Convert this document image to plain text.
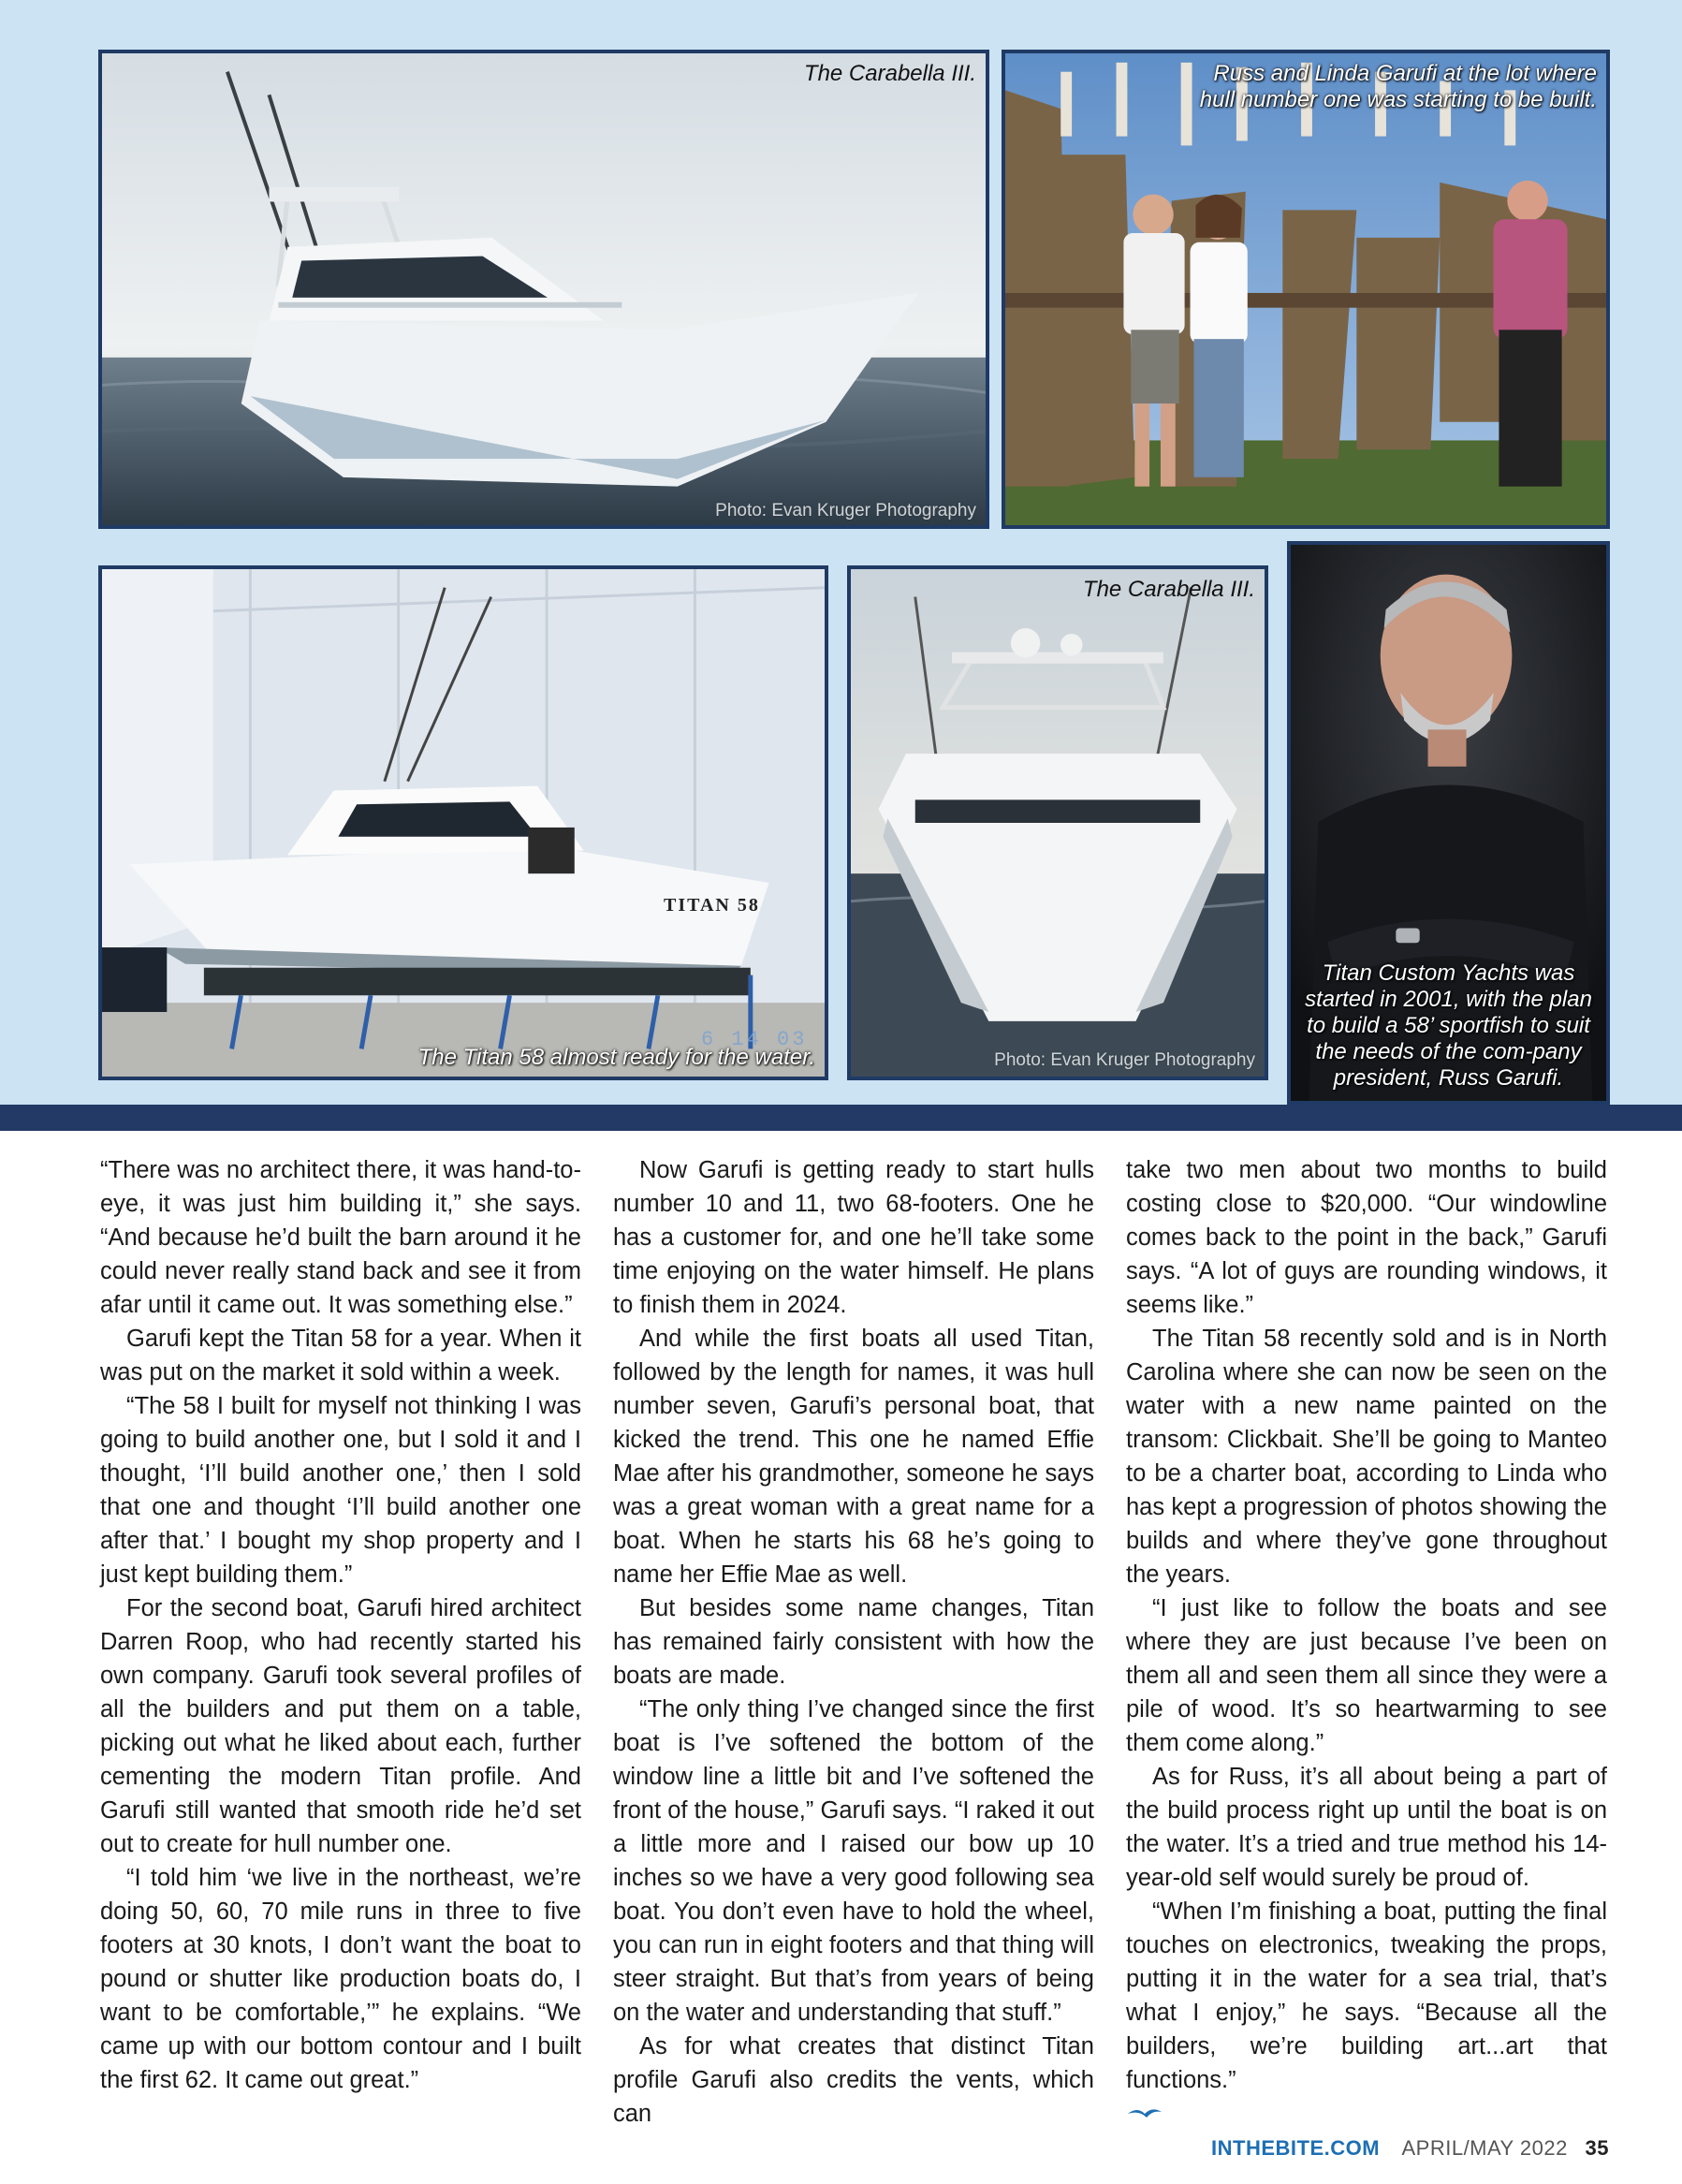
The Carabella III.
Photo: Evan Kruger Photography
Russ and Linda Garufi at the lot where hull number one was starting to be built.
TITAN 58
6 14 03
The Titan 58 almost ready for the water.
The Carabella III.
Photo: Evan Kruger Photography
Titan Custom Yachts was started in 2001, with the plan to build a 58’ sportfish to suit the needs of the com-pany president, Russ Garufi.

“There was no architect there, it was hand-to-eye, it was just him building it,” she says. “And because he’d built the barn around it he could never really stand back and see it from afar until it came out. It was something else.”

Garufi kept the Titan 58 for a year. When it was put on the market it sold within a week.

“The 58 I built for myself not thinking I was going to build another one, but I sold it and I thought, ‘I’ll build another one,’ then I sold that one and thought ‘I’ll build another one after that.’ I bought my shop property and I just kept building them.”

For the second boat, Garufi hired architect Darren Roop, who had recently started his own company. Garufi took several profiles of all the builders and put them on a table, picking out what he liked about each, further cementing the modern Titan profile. And Garufi still wanted that smooth ride he’d set out to create for hull number one.

“I told him ‘we live in the northeast, we’re doing 50, 60, 70 mile runs in three to five footers at 30 knots, I don’t want the boat to pound or shutter like production boats do, I want to be comfortable,’” he explains. “We came up with our bottom contour and I built the first 62. It came out great.”

Now Garufi is getting ready to start hulls number 10 and 11, two 68-footers. One he has a customer for, and one he’ll take some time enjoying on the water himself. He plans to finish them in 2024.

And while the first boats all used Titan, followed by the length for names, it was hull number seven, Garufi’s personal boat, that kicked the trend. This one he named Effie Mae after his grandmother, someone he says was a great woman with a great name for a boat. When he starts his 68 he’s going to name her Effie Mae as well.

But besides some name changes, Titan has remained fairly consistent with how the boats are made.

“The only thing I’ve changed since the first boat is I’ve softened the bottom of the window line a little bit and I’ve softened the front of the house,” Garufi says. “I raked it out a little more and I raised our bow up 10 inches so we have a very good following sea boat. You don’t even have to hold the wheel, you can run in eight footers and that thing will steer straight. But that’s from years of being on the water and understanding that stuff.”

As for what creates that distinct Titan profile Garufi also credits the vents, which can

take two men about two months to build costing close to $20,000. “Our windowline comes back to the point in the back,” Garufi says. “A lot of guys are rounding windows, it seems like.”

The Titan 58 recently sold and is in North Carolina where she can now be seen on the water with a new name painted on the transom: Clickbait. She’ll be going to Manteo to be a charter boat, according to Linda who has kept a progression of photos showing the builds and where they’ve gone throughout the years.

“I just like to follow the boats and see where they are just because I’ve been on them all and seen them all since they were a pile of wood. It’s so heartwarming to see them come along.”

As for Russ, it’s all about being a part of the build process right up until the boat is on the water. It’s a tried and true method his 14-year-old self would surely be proud of.

“When I’m finishing a boat, putting the final touches on electronics, tweaking the props, putting it in the water for a sea trial, that’s what I enjoy,” he says. “Because all the builders, we’re building art...art that functions.”

INTHEBITE.COM APRIL/MAY 2022 35
